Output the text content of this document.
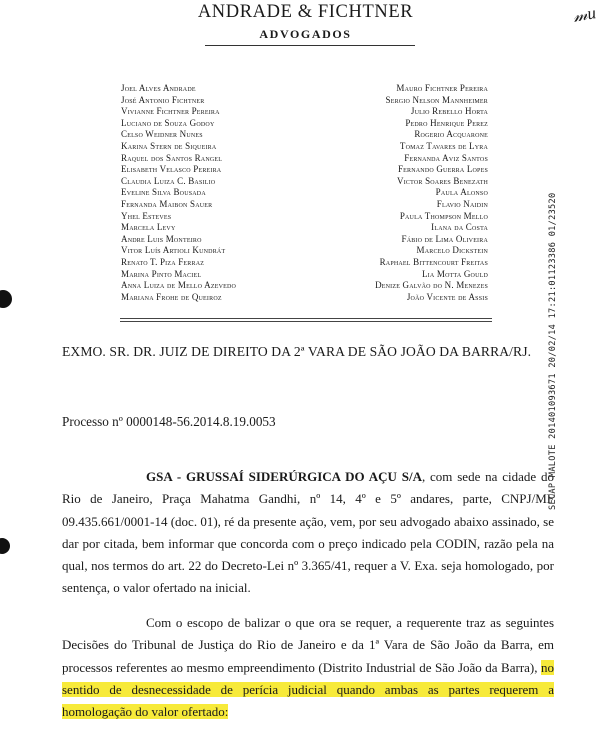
ANDRADE & FICHTNER
ADVOGADOS
𝓂u
Joel Alves Andrade
José Antonio Fichtner
Vivianne Fichtner Pereira
Luciano de Souza Godoy
Celso Weidner Nunes
Karina Stern de Siqueira
Raquel dos Santos Rangel
Elisabeth Velasco Pereira
Claudia Luiza C. Basilio
Eveline Silva Bousada
Fernanda Maibon Sauer
Yhel Esteves
Marcela Levy
Andre Luis Monteiro
Vitor Luís Artioli Kundrát
Renato T. Piza Ferraz
Marina Pinto Maciel
Anna Luiza de Mello Azevedo
Mariana Frohe de Queiroz
Mauro Fichtner Pereira
Sergio Nelson Mannheimer
Julio Rebello Horta
Pedro Henrique Perez
Rogerio Acquarone
Tomaz Tavares de Lyra
Fernanda Aviz Santos
Fernando Guerra Lopes
Victor Soares Benezath
Paula Alonso
Flavio Naidin
Paula Thompson Mello
Ilana da Costa
Fábio de Lima Oliveira
Marcelo Dickstein
Raphael Bittencourt Freitas
Lia Motta Gould
Denize Galvão do N. Menezes
João Vicente de Assis
EXMO. SR. DR. JUIZ DE DIREITO DA 2ª VARA DE SÃO JOÃO DA BARRA/RJ.
Processo nº 0000148-56.2014.8.19.0053
GSA - GRUSSAÍ SIDERÚRGICA DO AÇU S/A, com sede na cidade do Rio de Janeiro, Praça Mahatma Gandhi, nº 14, 4º e 5º andares, parte, CNPJ/MF 09.435.661/0001-14 (doc. 01), ré da presente ação, vem, por seu advogado abaixo assinado, se dar por citada, bem informar que concorda com o preço indicado pela CODIN, razão pela na qual, nos termos do art. 22 do Decreto-Lei nº 3.365/41, requer a V. Exa. seja homologado, por sentença, o valor ofertado na inicial.
Com o escopo de balizar o que ora se requer, a requerente traz as seguintes Decisões do Tribunal de Justiça do Rio de Janeiro e da 1ª Vara de São João da Barra, em processos referentes ao mesmo empreendimento (Distrito Industrial de São João da Barra), no sentido de desnecessidade de perícia judicial quando ambas as partes requerem a homologação do valor ofertado:
SECAP MALOTE 201401093671 20/02/14 17:21:01123386 01/23520
